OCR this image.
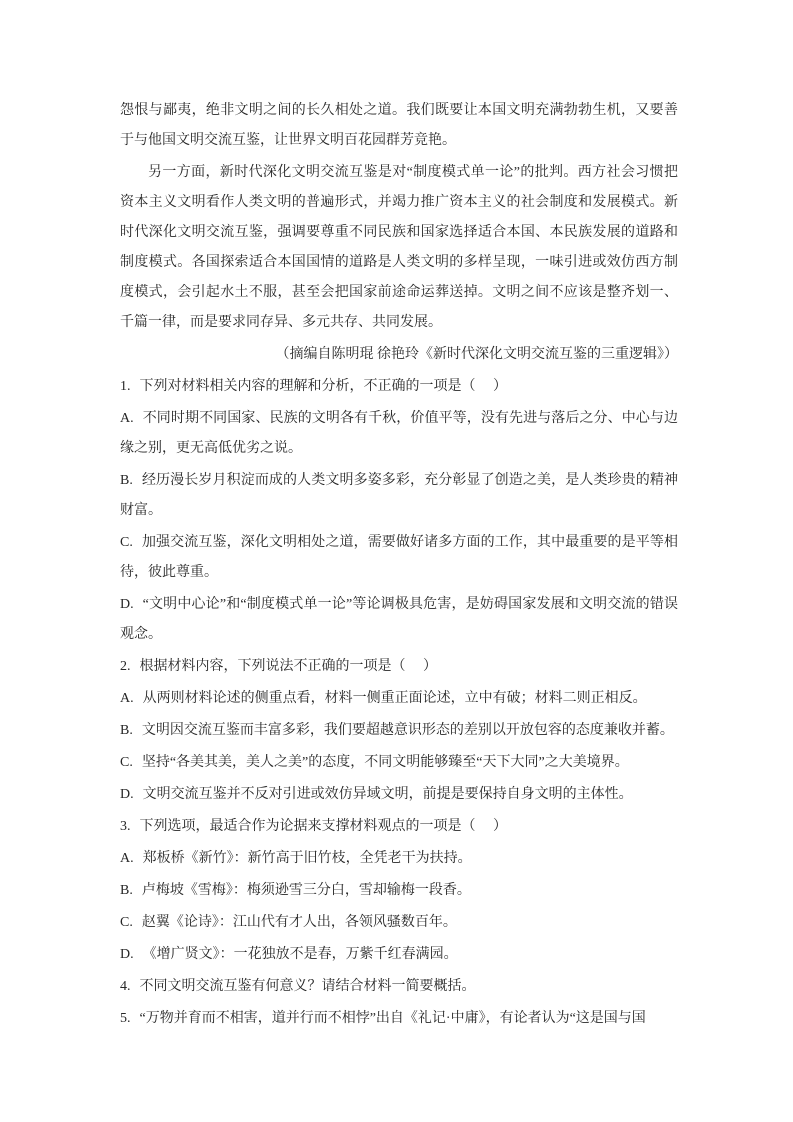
怨恨与鄙夷，绝非文明之间的长久相处之道。我们既要让本国文明充满勃勃生机，又要善于与他国文明交流互鉴，让世界文明百花园群芳竞艳。

另一方面，新时代深化文明交流互鉴是对“制度模式单一论”的批判。西方社会习惯把资本主义文明看作人类文明的普遍形式，并竭力推广资本主义的社会制度和发展模式。新时代深化文明交流互鉴，强调要尊重不同民族和国家选择适合本国、本民族发展的道路和制度模式。各国探索适合本国国情的道路是人类文明的多样呈现，一味引进或效仿西方制度模式，会引起水土不服，甚至会把国家前途命运葬送掉。文明之间不应该是整齐划一、千篇一律，而是要求同存异、多元共存、共同发展。

（摘编自陈明琨 徐艳玲《新时代深化文明交流互鉴的三重逻辑》）

1. 下列对材料相关内容的理解和分析，不正确的一项是（　 ）

A. 不同时期不同国家、民族的文明各有千秋，价值平等，没有先进与落后之分、中心与边缘之别，更无高低优劣之说。

B. 经历漫长岁月积淀而成的人类文明多姿多彩，充分彰显了创造之美，是人类珍贵的精神财富。

C. 加强交流互鉴，深化文明相处之道，需要做好诸多方面的工作，其中最重要的是平等相待，彼此尊重。

D. “文明中心论”和“制度模式单一论”等论调极具危害，是妨碍国家发展和文明交流的错误观念。

2. 根据材料内容，下列说法不正确的一项是（　 ）

A. 从两则材料论述的侧重点看，材料一侧重正面论述，立中有破；材料二则正相反。

B. 文明因交流互鉴而丰富多彩，我们要超越意识形态的差别以开放包容的态度兼收并蓄。

C. 坚持“各美其美，美人之美”的态度，不同文明能够臻至“天下大同”之大美境界。

D. 文明交流互鉴并不反对引进或效仿异域文明，前提是要保持自身文明的主体性。

3. 下列选项，最适合作为论据来支撑材料观点的一项是（　 ）

A. 郑板桥《新竹》：新竹高于旧竹枝，全凭老干为扶持。

B. 卢梅坡《雪梅》：梅须逊雪三分白，雪却输梅一段香。

C. 赵翼《论诗》：江山代有才人出，各领风骚数百年。

D. 《增广贤文》：一花独放不是春，万紫千红春满园。

4. 不同文明交流互鉴有何意义？请结合材料一简要概括。

5. “万物并育而不相害，道并行而不相悖”出自《礼记·中庸》，有论者认为“这是国与国
